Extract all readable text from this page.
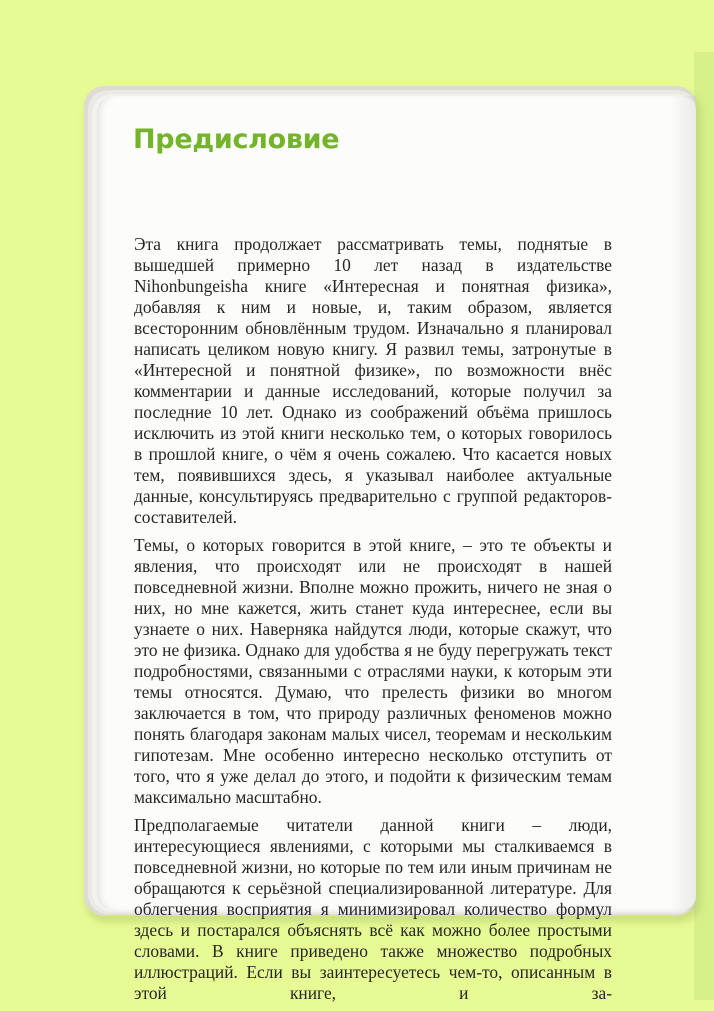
Предисловие

Эта книга продолжает рассматривать темы, поднятые в вышедшей примерно 10 лет назад в издательстве Nihonbungeisha книге «Интересная и понятная физика», добавляя к ним и новые, и, таким образом, является всесторонним обновлённым трудом. Изначально я планировал написать целиком новую книгу. Я развил темы, затронутые в «Интересной и понятной физике», по возможности внёс комментарии и данные исследований, которые получил за последние 10 лет. Однако из соображений объёма пришлось исключить из этой книги несколько тем, о которых говорилось в прошлой книге, о чём я очень сожалею. Что касается новых тем, появившихся здесь, я указывал наиболее актуальные данные, консультируясь предварительно с группой редакторов-составителей.

Темы, о которых говорится в этой книге, – это те объекты и явления, что происходят или не происходят в нашей повседневной жизни. Вполне можно прожить, ничего не зная о них, но мне кажется, жить станет куда интереснее, если вы узнаете о них. Наверняка найдутся люди, которые скажут, что это не физика. Однако для удобства я не буду перегружать текст подробностями, связанными с отраслями науки, к которым эти темы относятся. Думаю, что прелесть физики во многом заключается в том, что природу различных феноменов можно понять благодаря законам малых чисел, теоремам и нескольким гипотезам. Мне особенно интересно несколько отступить от того, что я уже делал до этого, и подойти к физическим темам максимально масштабно.

Предполагаемые читатели данной книги – люди, интересующиеся явлениями, с которыми мы сталкиваемся в повседневной жизни, но которые по тем или иным причинам не обращаются к серьёзной специализированной литературе. Для облегчения восприятия я минимизировал количество формул здесь и постарался объяснять всё как можно более простыми словами. В книге приведено также множество подробных иллюстраций. Если вы заинтересуетесь чем-то, описанным в этой книге, и за-
